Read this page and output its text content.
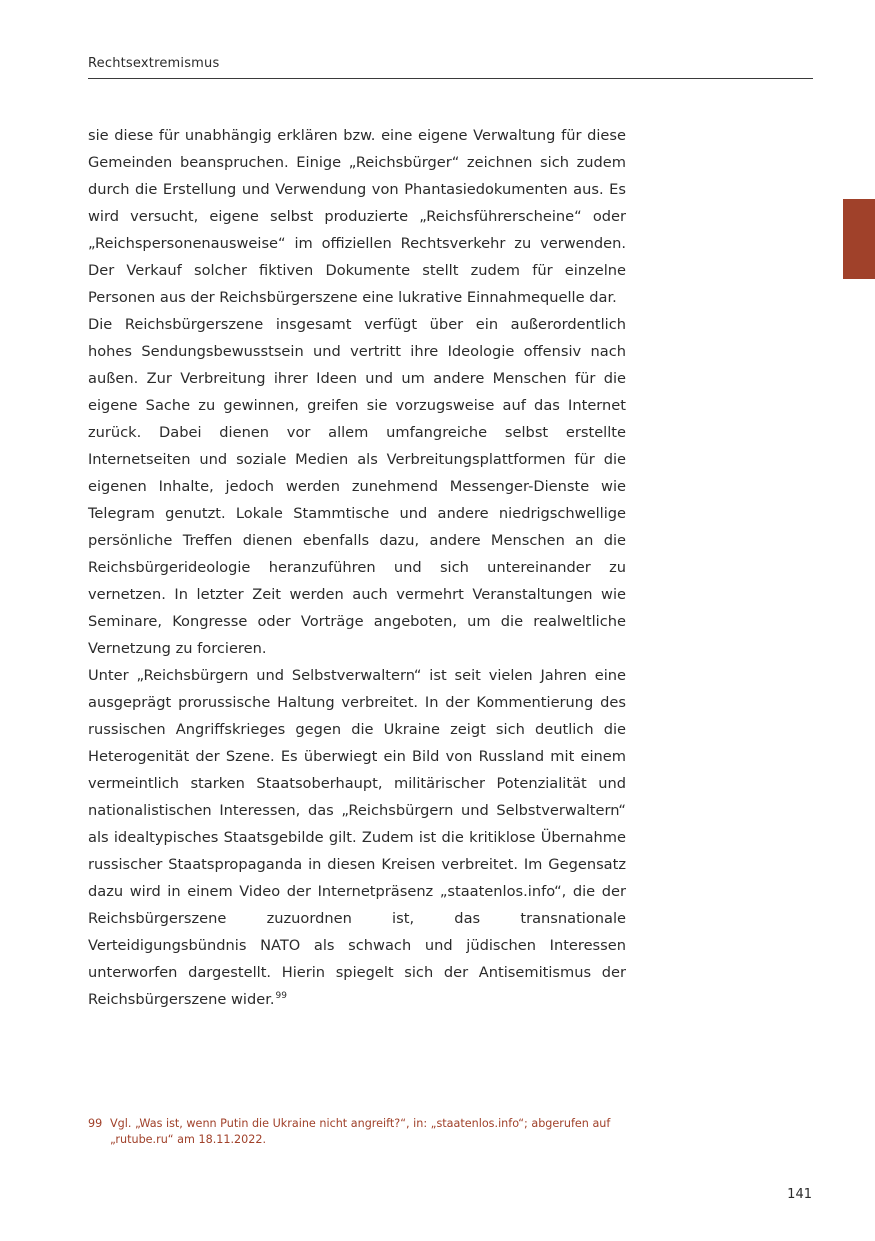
Rechtsextremismus

sie diese für unabhängig erklären bzw. eine eigene Verwaltung für diese Gemeinden beanspruchen. Einige „Reichsbürger“ zeichnen sich zudem durch die Erstellung und Verwendung von Phantasiedokumenten aus. Es wird versucht, eigene selbst produzierte „Reichsführerscheine“ oder „Reichspersonenausweise“ im offiziellen Rechtsverkehr zu verwenden. Der Verkauf solcher fiktiven Dokumente stellt zudem für einzelne Personen aus der Reichsbürgerszene eine lukrative Einnahmequelle dar.

Die Reichsbürgerszene insgesamt verfügt über ein außerordentlich hohes Sendungsbewusstsein und vertritt ihre Ideologie offensiv nach außen. Zur Verbreitung ihrer Ideen und um andere Menschen für die eigene Sache zu gewinnen, greifen sie vorzugsweise auf das Internet zurück. Dabei dienen vor allem umfangreiche selbst erstellte Internetseiten und soziale Medien als Verbreitungsplattformen für die eigenen Inhalte, jedoch werden zunehmend Messenger-Dienste wie Telegram genutzt. Lokale Stammtische und andere niedrigschwellige persönliche Treffen dienen ebenfalls dazu, andere Menschen an die Reichsbürgerideologie heranzuführen und sich untereinander zu vernetzen. In letzter Zeit werden auch vermehrt Veranstaltungen wie Seminare, Kongresse oder Vorträge angeboten, um die realweltliche Vernetzung zu forcieren.

Unter „Reichsbürgern und Selbstverwaltern“ ist seit vielen Jahren eine ausgeprägt prorussische Haltung verbreitet. In der Kommentierung des russischen Angriffskrieges gegen die Ukraine zeigt sich deutlich die Heterogenität der Szene. Es überwiegt ein Bild von Russland mit einem vermeintlich starken Staatsoberhaupt, militärischer Potenzialität und nationalistischen Interessen, das „Reichsbürgern und Selbstverwaltern“ als idealtypisches Staatsgebilde gilt. Zudem ist die kritiklose Übernahme russischer Staatspropaganda in diesen Kreisen verbreitet. Im Gegensatz dazu wird in einem Video der Internetpräsenz „staatenlos.info“, die der Reichsbürgerszene zuzuordnen ist, das transnationale Verteidigungsbündnis NATO als schwach und jüdischen Interessen unterworfen dargestellt. Hierin spiegelt sich der Antisemitismus der Reichsbürgerszene wider.$^{99}$

99 Vgl. „Was ist, wenn Putin die Ukraine nicht angreift?“, in: „staatenlos.info“; abgerufen auf „rutube.ru“ am 18.11.2022.
141
